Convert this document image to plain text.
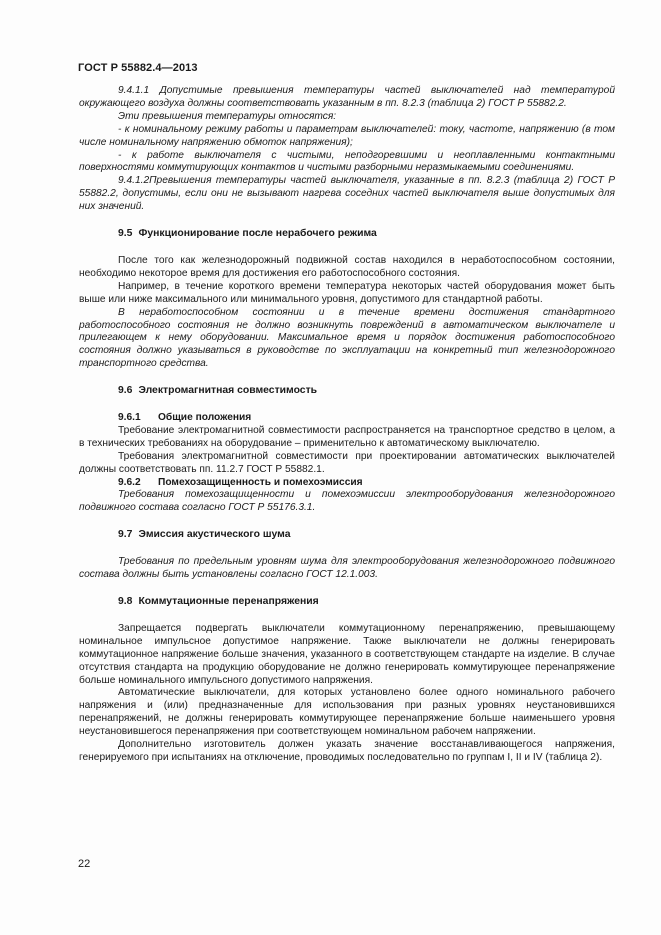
ГОСТ Р 55882.4—2013

9.4.1.1 Допустимые превышения температуры частей выключателей над температурой окружающего воздуха должны соответствовать указанным в пп. 8.2.3 (таблица 2) ГОСТ Р 55882.2.

Эти превышения температуры относятся:

- к номинальному режиму работы и параметрам выключателей: току, частоте, напряжению (в том числе номинальному напряжению обмоток напряжения);

- к работе выключателя с чистыми, неподгоревшими и неоплавленными контактными поверхностями коммутирующих контактов и чистыми разборными неразмыкаемыми соединениями.

9.4.1.2Превышения температуры частей выключателя, указанные в пп. 8.2.3 (таблица 2) ГОСТ Р 55882.2, допустимы, если они не вызывают нагрева соседних частей выключателя выше допустимых для них значений.

9.5 Функционирование после нерабочего режима

После того как железнодорожный подвижной состав находился в неработоспособном состоянии, необходимо некоторое время для достижения его работоспособного состояния.

Например, в течение короткого времени температура некоторых частей оборудования может быть выше или ниже максимального или минимального уровня, допустимого для стандартной работы.

В неработоспособном состоянии и в течение времени достижения стандартного работоспособного состояния не должно возникнуть повреждений в автоматическом выключателе и прилегающем к нему оборудовании. Максимальное время и порядок достижения работоспособного состояния должно указываться в руководстве по эксплуатации на конкретный тип железнодорожного транспортного средства.

9.6 Электромагнитная совместимость
9.6.1 Общие положения

Требование электромагнитной совместимости распространяется на транспортное средство в целом, а в технических требованиях на оборудование – применительно к автоматическому выключателю.

Требования электромагнитной совместимости при проектировании автоматических выключателей должны соответствовать пп. 11.2.7 ГОСТ Р 55882.1.

9.6.2 Помехозащищенность и помехоэмиссия

Требования помехозащищенности и помехоэмиссии электрооборудования железнодорожного подвижного состава согласно ГОСТ Р 55176.3.1.

9.7 Эмиссия акустического шума

Требования по предельным уровням шума для электрооборудования железнодорожного подвижного состава должны быть установлены согласно ГОСТ 12.1.003.

9.8 Коммутационные перенапряжения

Запрещается подвергать выключатели коммутационному перенапряжению, превышающему номинальное импульсное допустимое напряжение. Также выключатели не должны генерировать коммутационное напряжение больше значения, указанного в соответствующем стандарте на изделие. В случае отсутствия стандарта на продукцию оборудование не должно генерировать коммутирующее перенапряжение больше номинального импульсного допустимого напряжения.

Автоматические выключатели, для которых установлено более одного номинального рабочего напряжения и (или) предназначенные для использования при разных уровнях неустановившихся перенапряжений, не должны генерировать коммутирующее перенапряжение больше наименьшего уровня неустановившегося перенапряжения при соответствующем номинальном рабочем напряжении.

Дополнительно изготовитель должен указать значение восстанавливающегося напряжения, генерируемого при испытаниях на отключение, проводимых последовательно по группам I, II и IV (таблица 2).

22
